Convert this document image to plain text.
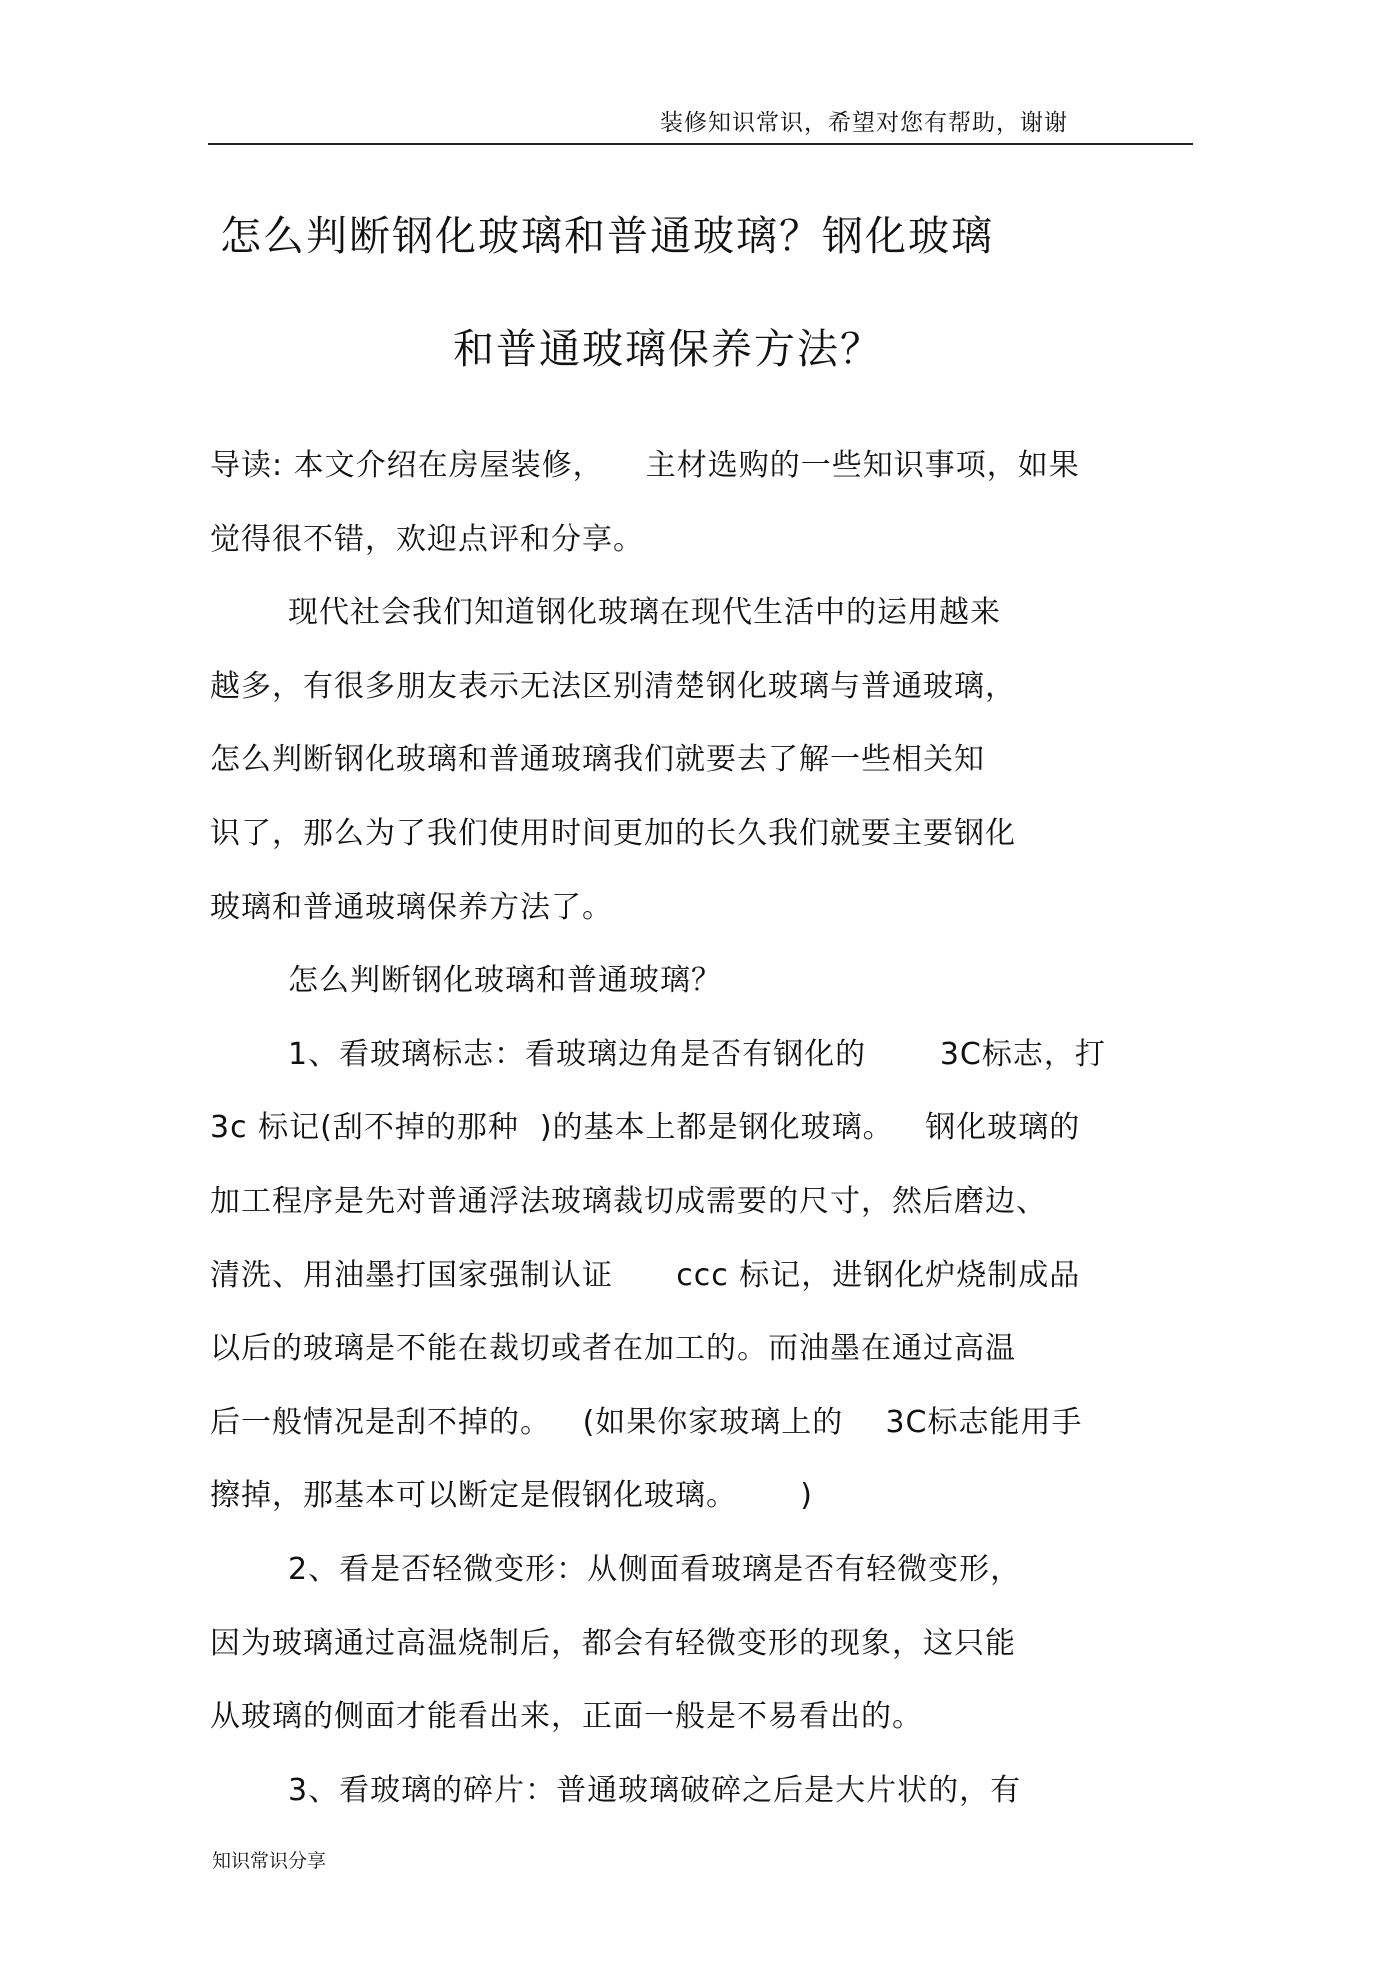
装修知识常识，希望对您有帮助，谢谢
怎么判断钢化玻璃和普通玻璃？钢化玻璃
和普通玻璃保养方法？
导读: 本文介绍在房屋装修，    主材选购的一些知识事项，如果
觉得很不错，欢迎点评和分享。
现代社会我们知道钢化玻璃在现代生活中的运用越来
越多，有很多朋友表示无法区别清楚钢化玻璃与普通玻璃，
怎么判断钢化玻璃和普通玻璃我们就要去了解一些相关知
识了，那么为了我们使用时间更加的长久我们就要主要钢化
玻璃和普通玻璃保养方法了。
怎么判断钢化玻璃和普通玻璃？
1、看玻璃标志：看玻璃边角是否有钢化的       3C标志，打
3c 标记(刮不掉的那种  )的基本上都是钢化玻璃。   钢化玻璃的
加工程序是先对普通浮法玻璃裁切成需要的尺寸，然后磨边、
清洗、用油墨打国家强制认证      ccc 标记，进钢化炉烧制成品
以后的玻璃是不能在裁切或者在加工的。而油墨在通过高温
后一般情况是刮不掉的。   (如果你家玻璃上的    3C标志能用手
擦掉，那基本可以断定是假钢化玻璃。      )
2、看是否轻微变形：从侧面看玻璃是否有轻微变形，
因为玻璃通过高温烧制后，都会有轻微变形的现象，这只能
从玻璃的侧面才能看出来，正面一般是不易看出的。
3、看玻璃的碎片：普通玻璃破碎之后是大片状的，有
知识常识分享
